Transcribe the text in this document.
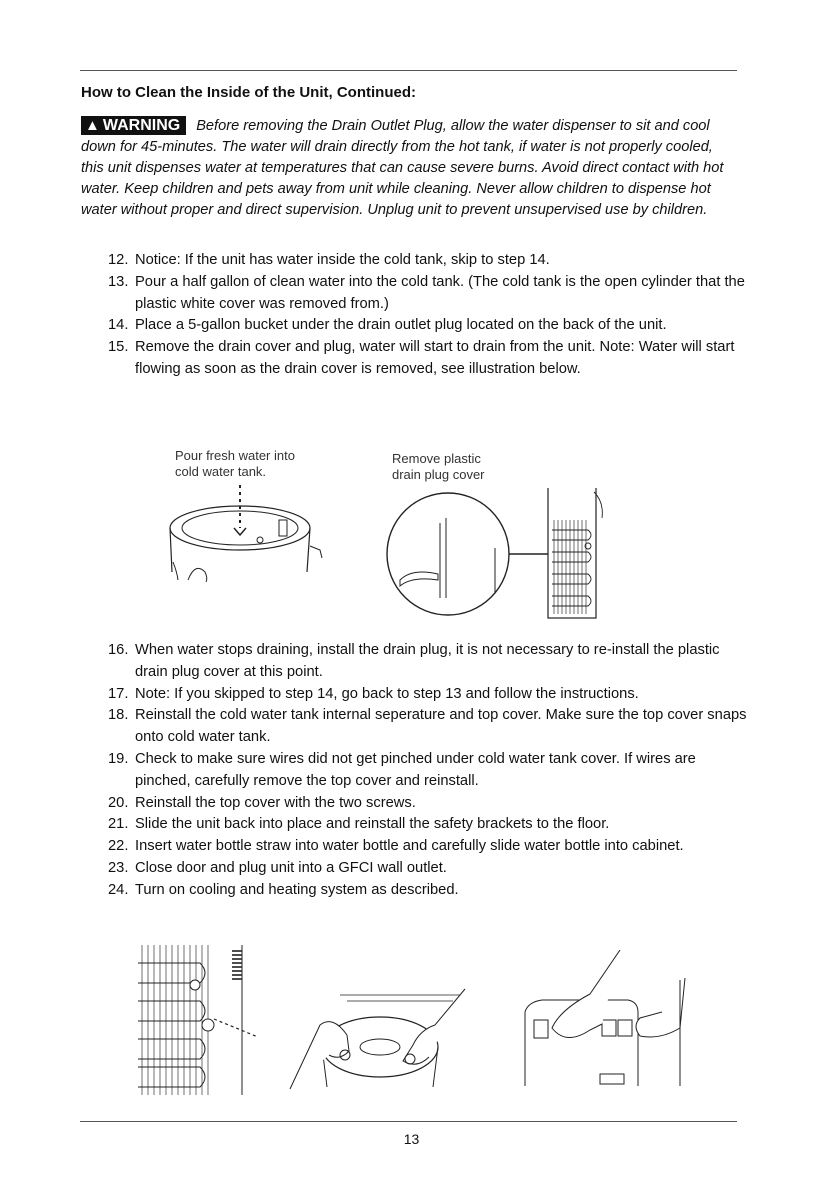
How to Clean the Inside of the Unit, Continued:
▲ WARNING Before removing the Drain Outlet Plug, allow the water dispenser to sit and cool down for 45-minutes. The water will drain directly from the hot tank, if water is not properly cooled, this unit dispenses water at temperatures that can cause severe burns. Avoid direct contact with hot water. Keep children and pets away from unit while cleaning. Never allow children to dispense hot water without proper and direct supervision. Unplug unit to prevent unsupervised use by children.
12. Notice: If the unit has water inside the cold tank, skip to step 14.
13. Pour a half gallon of clean water into the cold tank. (The cold tank is the open cylinder that the plastic white cover was removed from.)
14. Place a 5-gallon bucket under the drain outlet plug located on the back of the unit.
15. Remove the drain cover and plug, water will start to drain from the unit. Note: Water will start flowing as soon as the drain cover is removed, see illustration below.
Pour fresh water into
cold water tank.
Remove plastic
drain plug cover
16. When water stops draining, install the drain plug, it is not necessary to re-install the plastic drain plug cover at this point.
17. Note: If you skipped to step 14, go back to step 13 and follow the instructions.
18. Reinstall the cold water tank internal seperature and top cover. Make sure the top cover snaps onto cold water tank.
19. Check to make sure wires did not get pinched under cold water tank cover. If wires are pinched, carefully remove the top cover and reinstall.
20. Reinstall the top cover with the two screws.
21. Slide the unit back into place and reinstall the safety brackets to the floor.
22. Insert water bottle straw into water bottle and carefully slide water bottle into cabinet.
23. Close door and plug unit into a GFCI wall outlet.
24. Turn on cooling and heating system as described.
13
